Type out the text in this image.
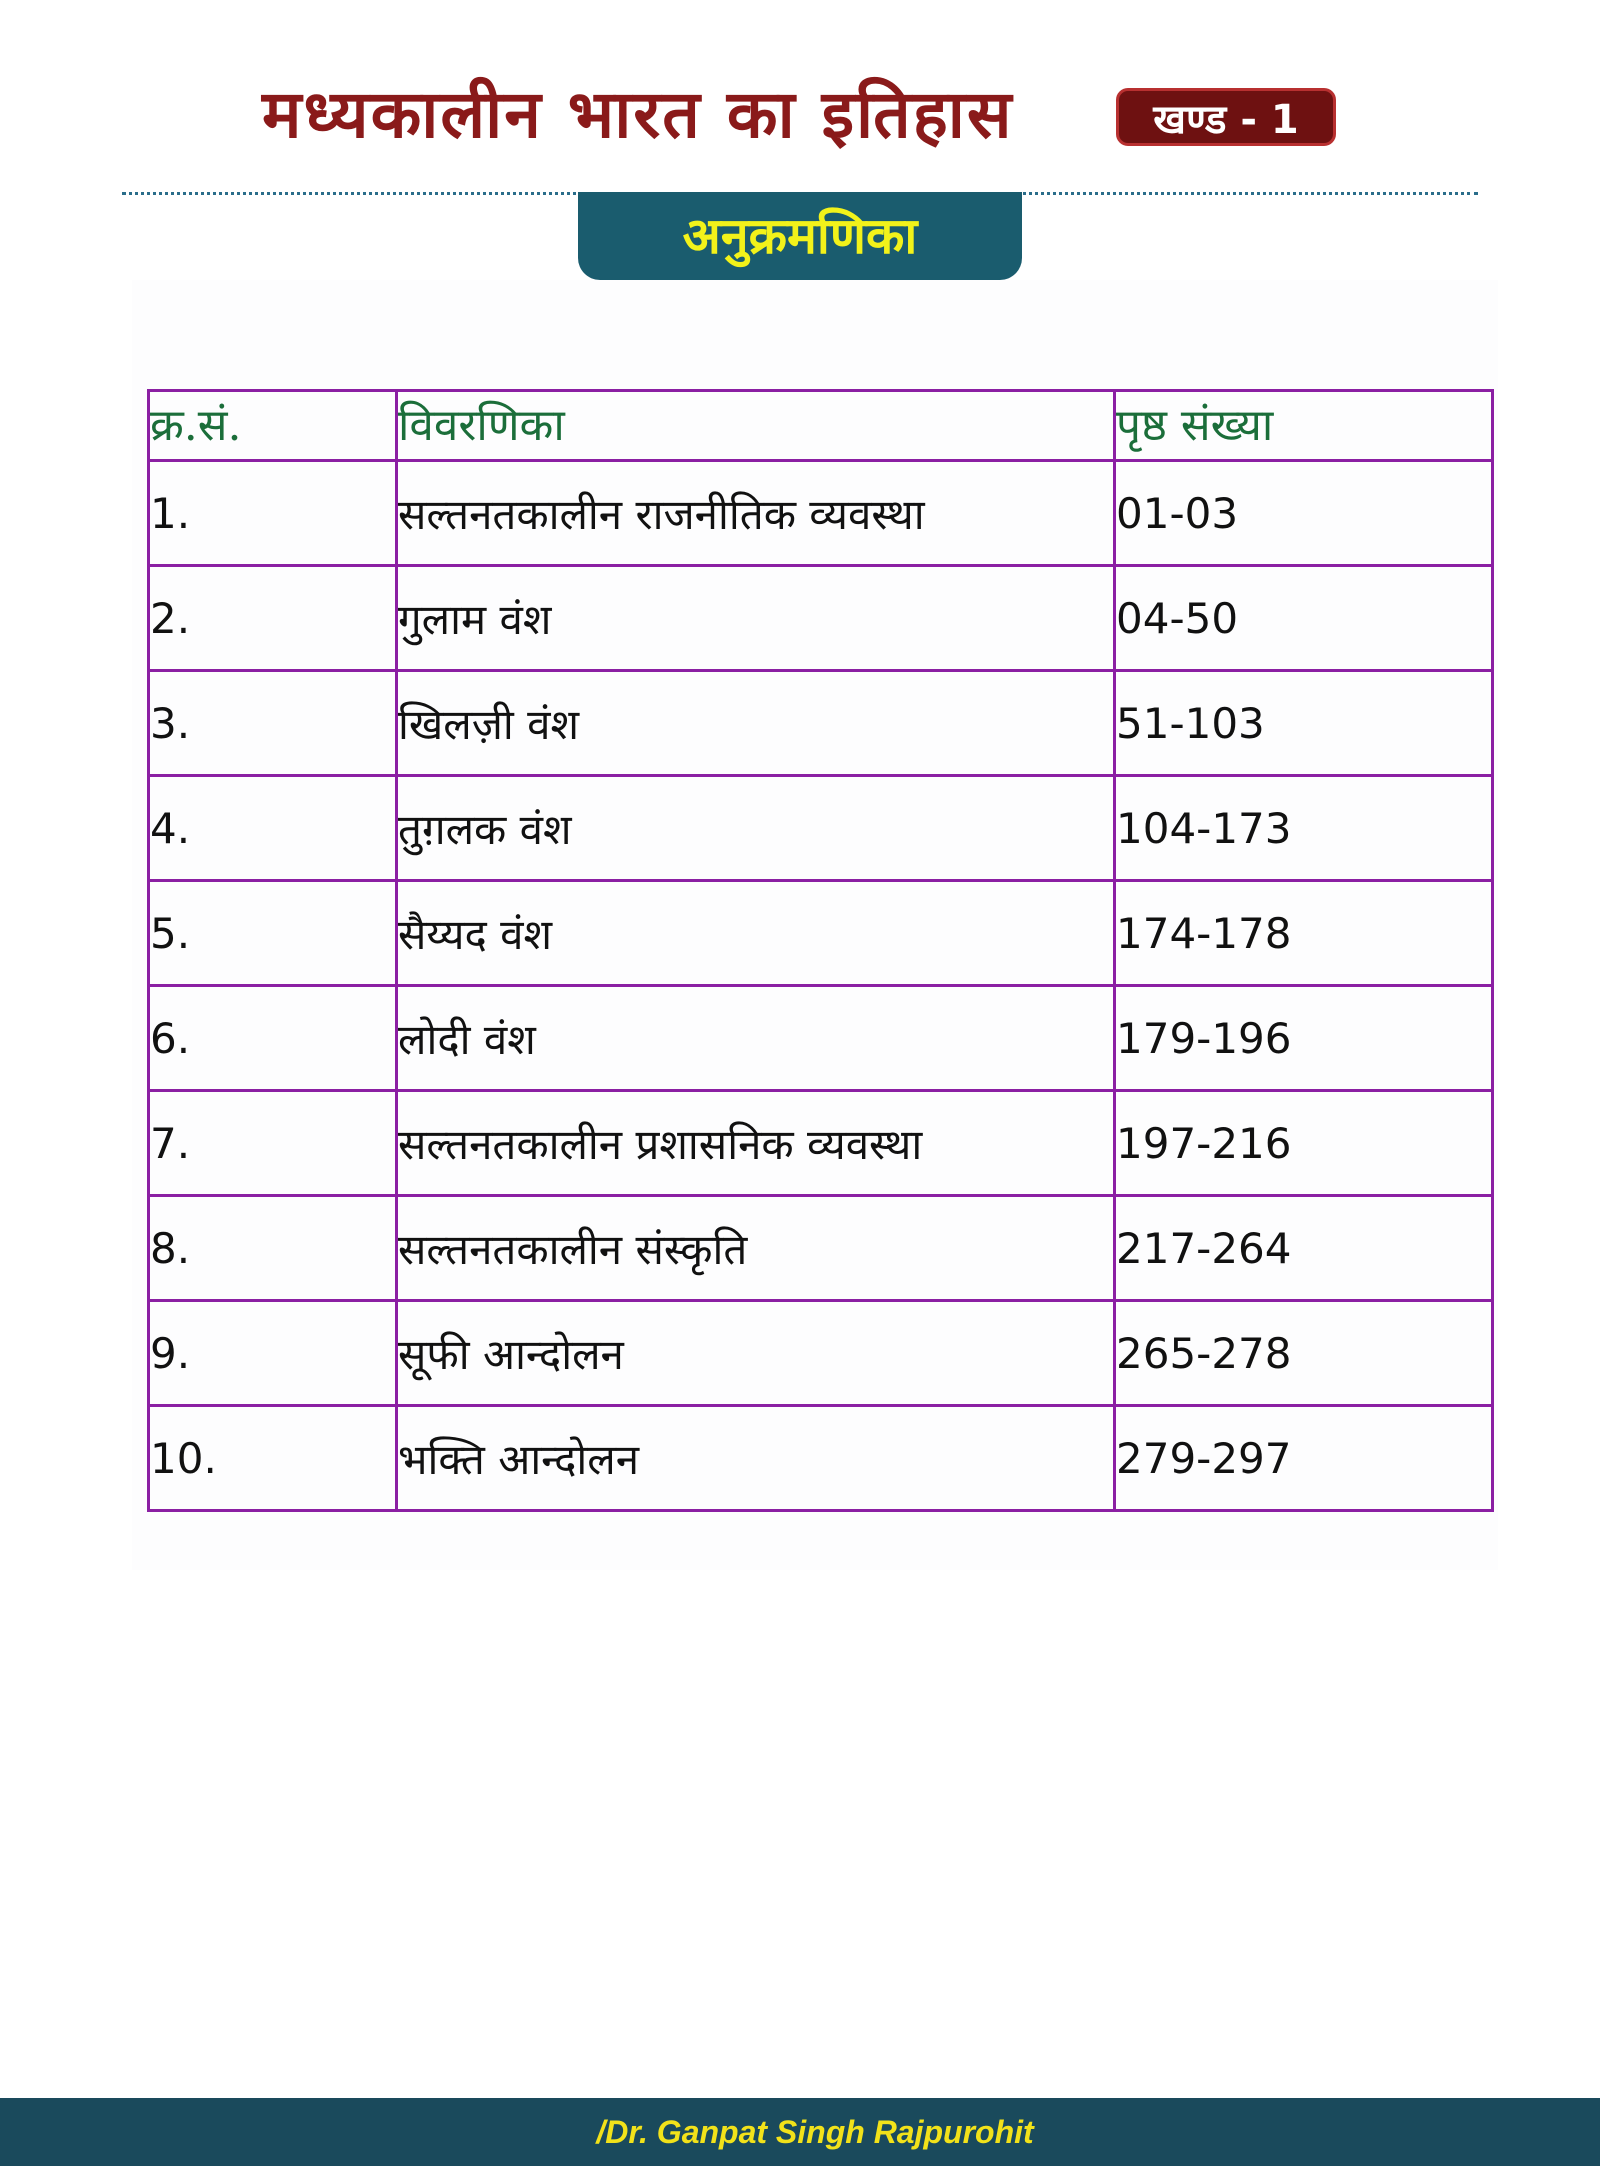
मध्यकालीन भारत का इतिहास	खण्ड - 1
अनुक्रमणिका
क्र.सं.	विवरणिका	पृष्ठ संख्या
1.	सल्तनतकालीन राजनीतिक व्यवस्था	01-03
2.	गुलाम वंश	04-50
3.	खिलज़ी वंश	51-103
4.	तुग़लक वंश	104-173
5.	सैय्यद वंश	174-178
6.	लोदी वंश	179-196
7.	सल्तनतकालीन प्रशासनिक व्यवस्था	197-216
8.	सल्तनतकालीन संस्कृति	217-264
9.	सूफी आन्दोलन	265-278
10.	भक्ति आन्दोलन	279-297
/Dr. Ganpat Singh Rajpurohit
